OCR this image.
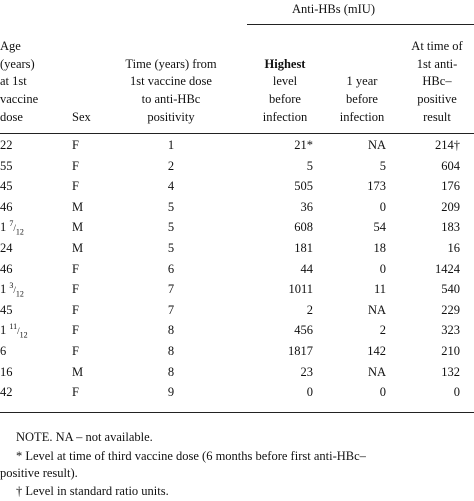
Anti-HBs (mIU)
Age
(years)
at 1st
vaccine
dose	Sex
Time (years) from
1st vaccine dose
to anti-HBc
positivity
Highest
level
before
infection
1 year
before
infection
At time of
1st anti-
HBc–
positive
result
22	F	1	21*	NA	214†
55	F	2	5	5	604
45	F	4	505	173	176
46	M	5	36	0	209
1 $^7/_{12}$	M	5	608	54	183
24	M	5	181	18	16
46	F	6	44	0	1424
1 $^3/_{12}$	F	7	1011	11	540
45	F	7	2	NA	229
1 $^{11}/_{12}$	F	8	456	2	323
6	F	8	1817	142	210
16	M	8	23	NA	132
42	F	9	0	0	0
NOTE. NA – not available.
* Level at time of third vaccine dose (6 months before first anti-HBc–
positive result).
† Level in standard ratio units.
